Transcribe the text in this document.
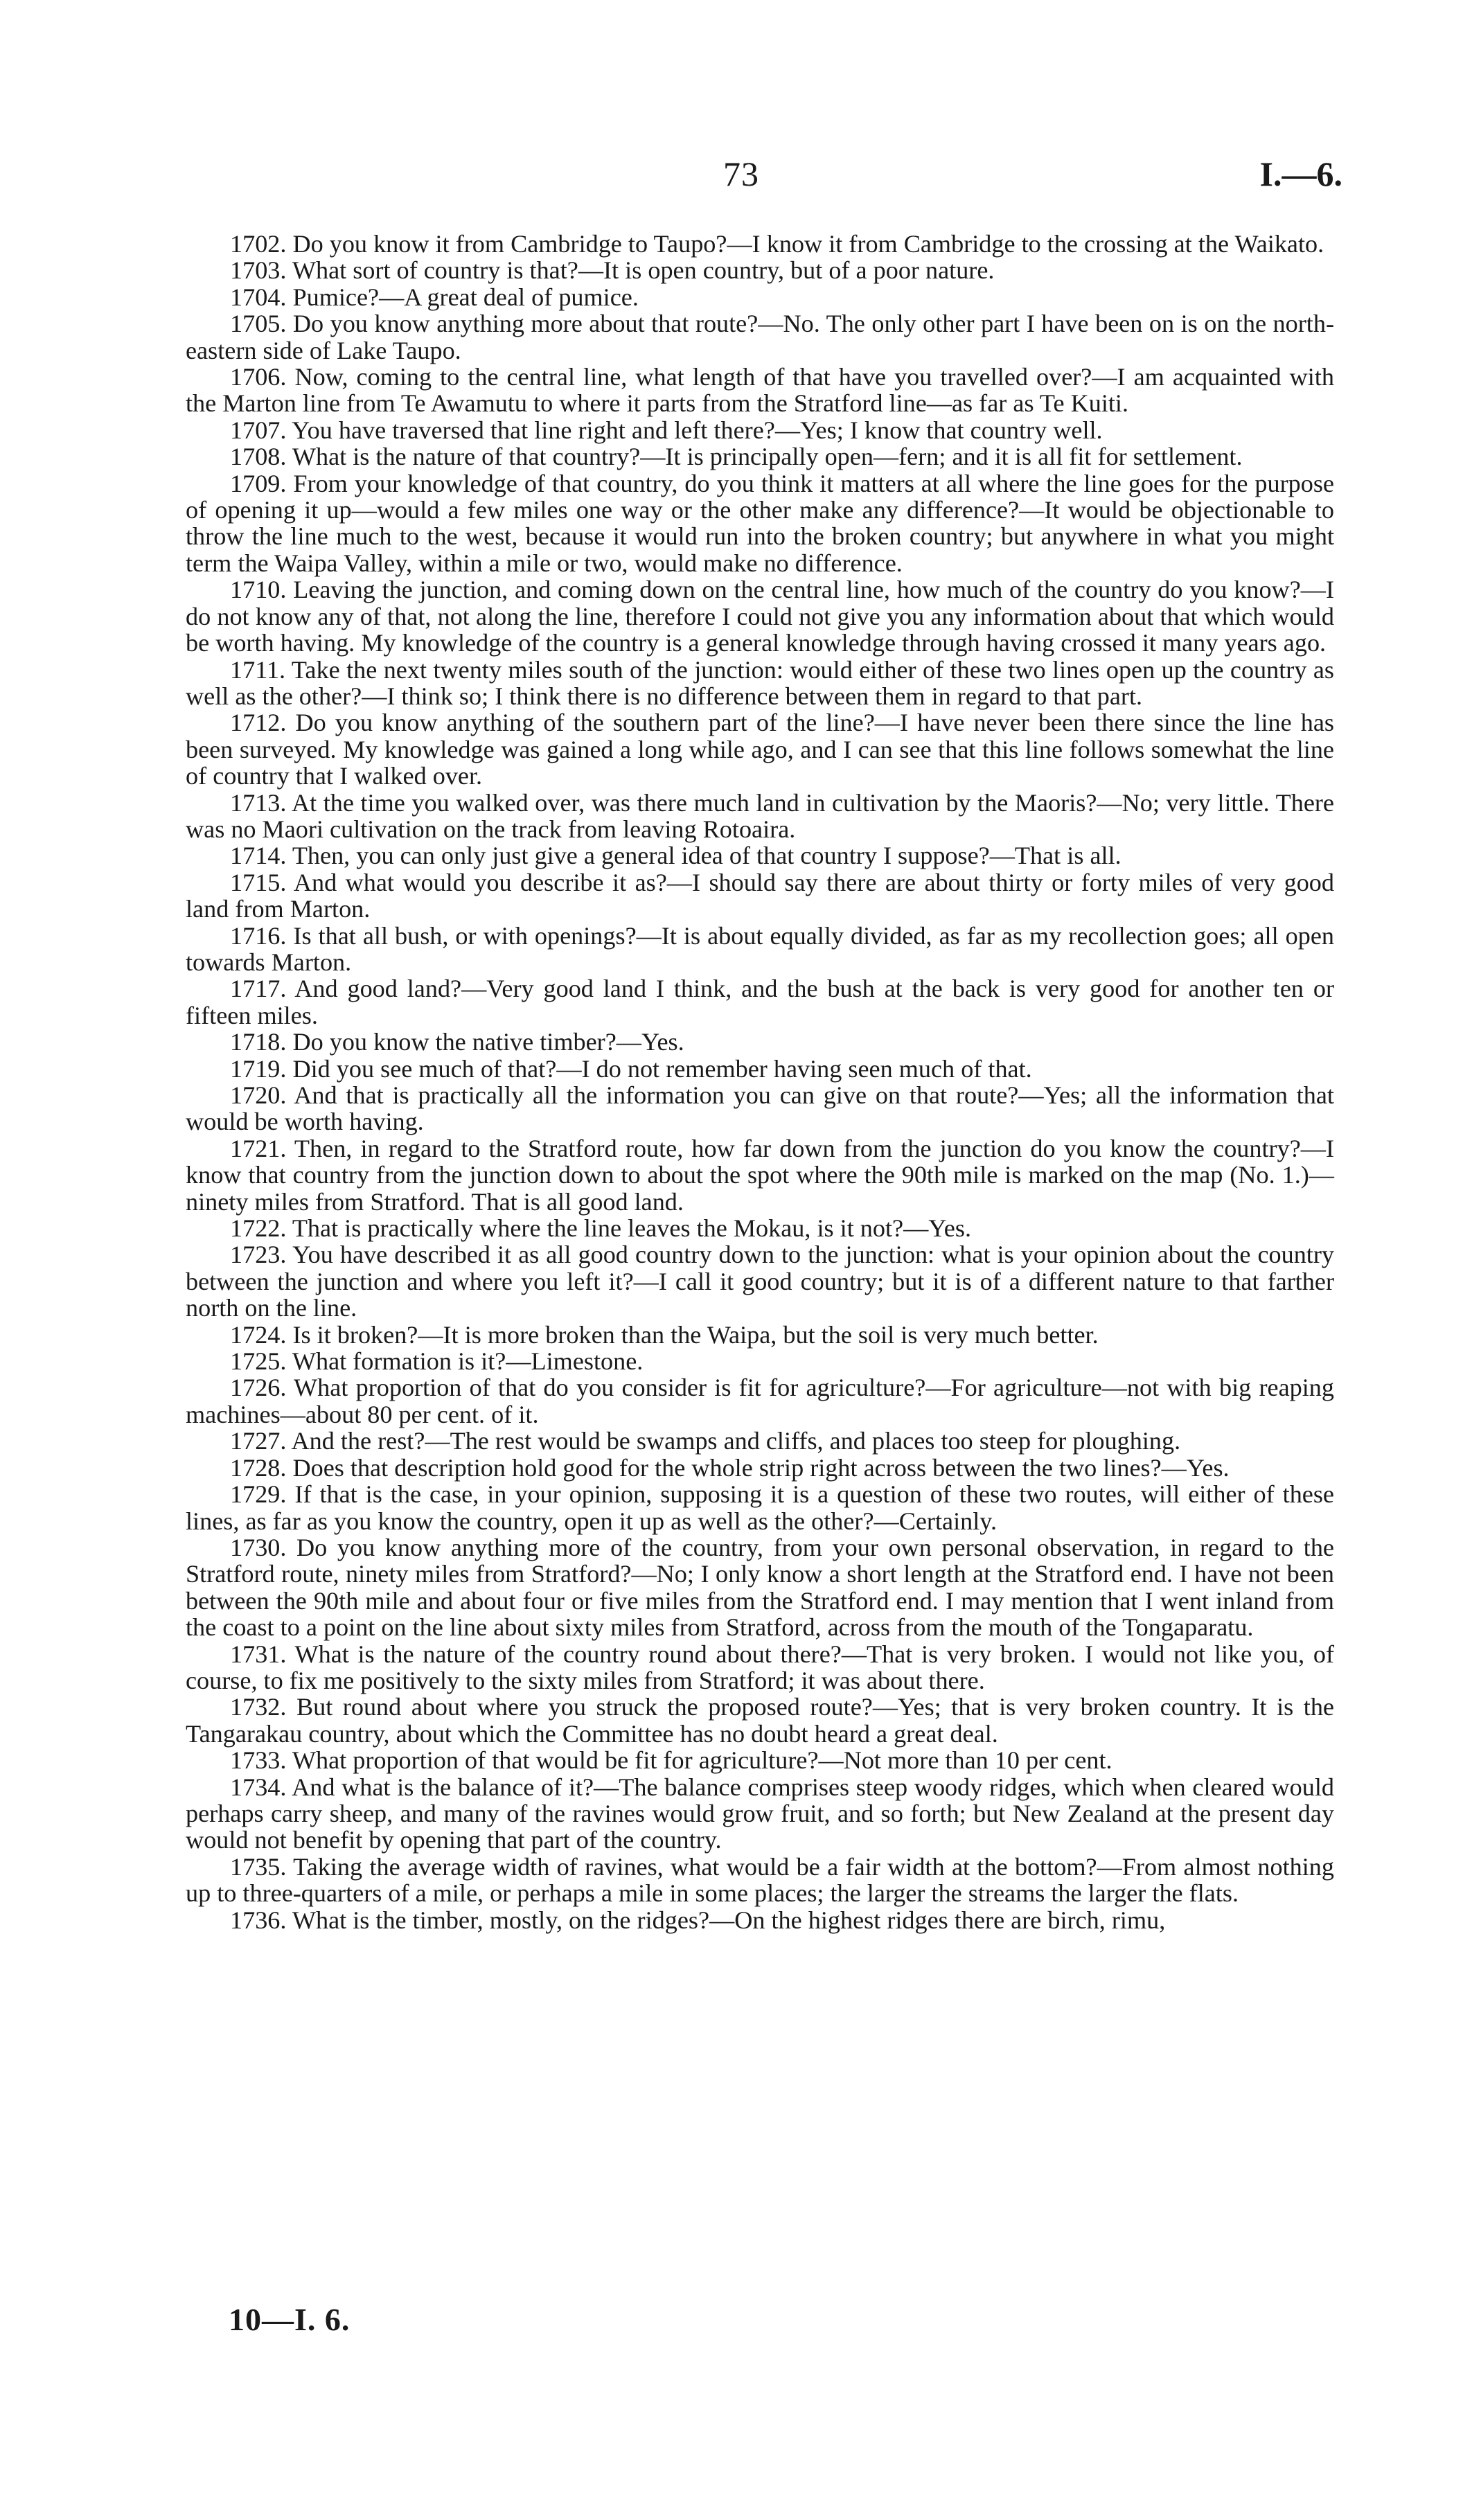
73	I.—6.

1702. Do you know it from Cambridge to Taupo?—I know it from Cambridge to the crossing at the Waikato.

1703. What sort of country is that?—It is open country, but of a poor nature.

1704. Pumice?—A great deal of pumice.

1705. Do you know anything more about that route?—No. The only other part I have been on is on the north-eastern side of Lake Taupo.

1706. Now, coming to the central line, what length of that have you travelled over?—I am acquainted with the Marton line from Te Awamutu to where it parts from the Stratford line—as far as Te Kuiti.

1707. You have traversed that line right and left there?—Yes; I know that country well.

1708. What is the nature of that country?—It is principally open—fern; and it is all fit for settlement.

1709. From your knowledge of that country, do you think it matters at all where the line goes for the purpose of opening it up—would a few miles one way or the other make any difference?—It would be objectionable to throw the line much to the west, because it would run into the broken country; but anywhere in what you might term the Waipa Valley, within a mile or two, would make no difference.

1710. Leaving the junction, and coming down on the central line, how much of the country do you know?—I do not know any of that, not along the line, therefore I could not give you any information about that which would be worth having. My knowledge of the country is a general knowledge through having crossed it many years ago.

1711. Take the next twenty miles south of the junction: would either of these two lines open up the country as well as the other?—I think so; I think there is no difference between them in regard to that part.

1712. Do you know anything of the southern part of the line?—I have never been there since the line has been surveyed. My knowledge was gained a long while ago, and I can see that this line follows somewhat the line of country that I walked over.

1713. At the time you walked over, was there much land in cultivation by the Maoris?—No; very little. There was no Maori cultivation on the track from leaving Rotoaira.

1714. Then, you can only just give a general idea of that country I suppose?—That is all.

1715. And what would you describe it as?—I should say there are about thirty or forty miles of very good land from Marton.

1716. Is that all bush, or with openings?—It is about equally divided, as far as my recollection goes; all open towards Marton.

1717. And good land?—Very good land I think, and the bush at the back is very good for another ten or fifteen miles.

1718. Do you know the native timber?—Yes.

1719. Did you see much of that?—I do not remember having seen much of that.

1720. And that is practically all the information you can give on that route?—Yes; all the information that would be worth having.

1721. Then, in regard to the Stratford route, how far down from the junction do you know the country?—I know that country from the junction down to about the spot where the 90th mile is marked on the map (No. 1.)—ninety miles from Stratford. That is all good land.

1722. That is practically where the line leaves the Mokau, is it not?—Yes.

1723. You have described it as all good country down to the junction: what is your opinion about the country between the junction and where you left it?—I call it good country; but it is of a different nature to that farther north on the line.

1724. Is it broken?—It is more broken than the Waipa, but the soil is very much better.

1725. What formation is it?—Limestone.

1726. What proportion of that do you consider is fit for agriculture?—For agriculture—not with big reaping machines—about 80 per cent. of it.

1727. And the rest?—The rest would be swamps and cliffs, and places too steep for ploughing.

1728. Does that description hold good for the whole strip right across between the two lines?—Yes.

1729. If that is the case, in your opinion, supposing it is a question of these two routes, will either of these lines, as far as you know the country, open it up as well as the other?—Certainly.

1730. Do you know anything more of the country, from your own personal observation, in regard to the Stratford route, ninety miles from Stratford?—No; I only know a short length at the Stratford end. I have not been between the 90th mile and about four or five miles from the Stratford end. I may mention that I went inland from the coast to a point on the line about sixty miles from Stratford, across from the mouth of the Tongaparatu.

1731. What is the nature of the country round about there?—That is very broken. I would not like you, of course, to fix me positively to the sixty miles from Stratford; it was about there.

1732. But round about where you struck the proposed route?—Yes; that is very broken country. It is the Tangarakau country, about which the Committee has no doubt heard a great deal.

1733. What proportion of that would be fit for agriculture?—Not more than 10 per cent.

1734. And what is the balance of it?—The balance comprises steep woody ridges, which when cleared would perhaps carry sheep, and many of the ravines would grow fruit, and so forth; but New Zealand at the present day would not benefit by opening that part of the country.

1735. Taking the average width of ravines, what would be a fair width at the bottom?—From almost nothing up to three-quarters of a mile, or perhaps a mile in some places; the larger the streams the larger the flats.

1736. What is the timber, mostly, on the ridges?—On the highest ridges there are birch, rimu,

10—I. 6.
